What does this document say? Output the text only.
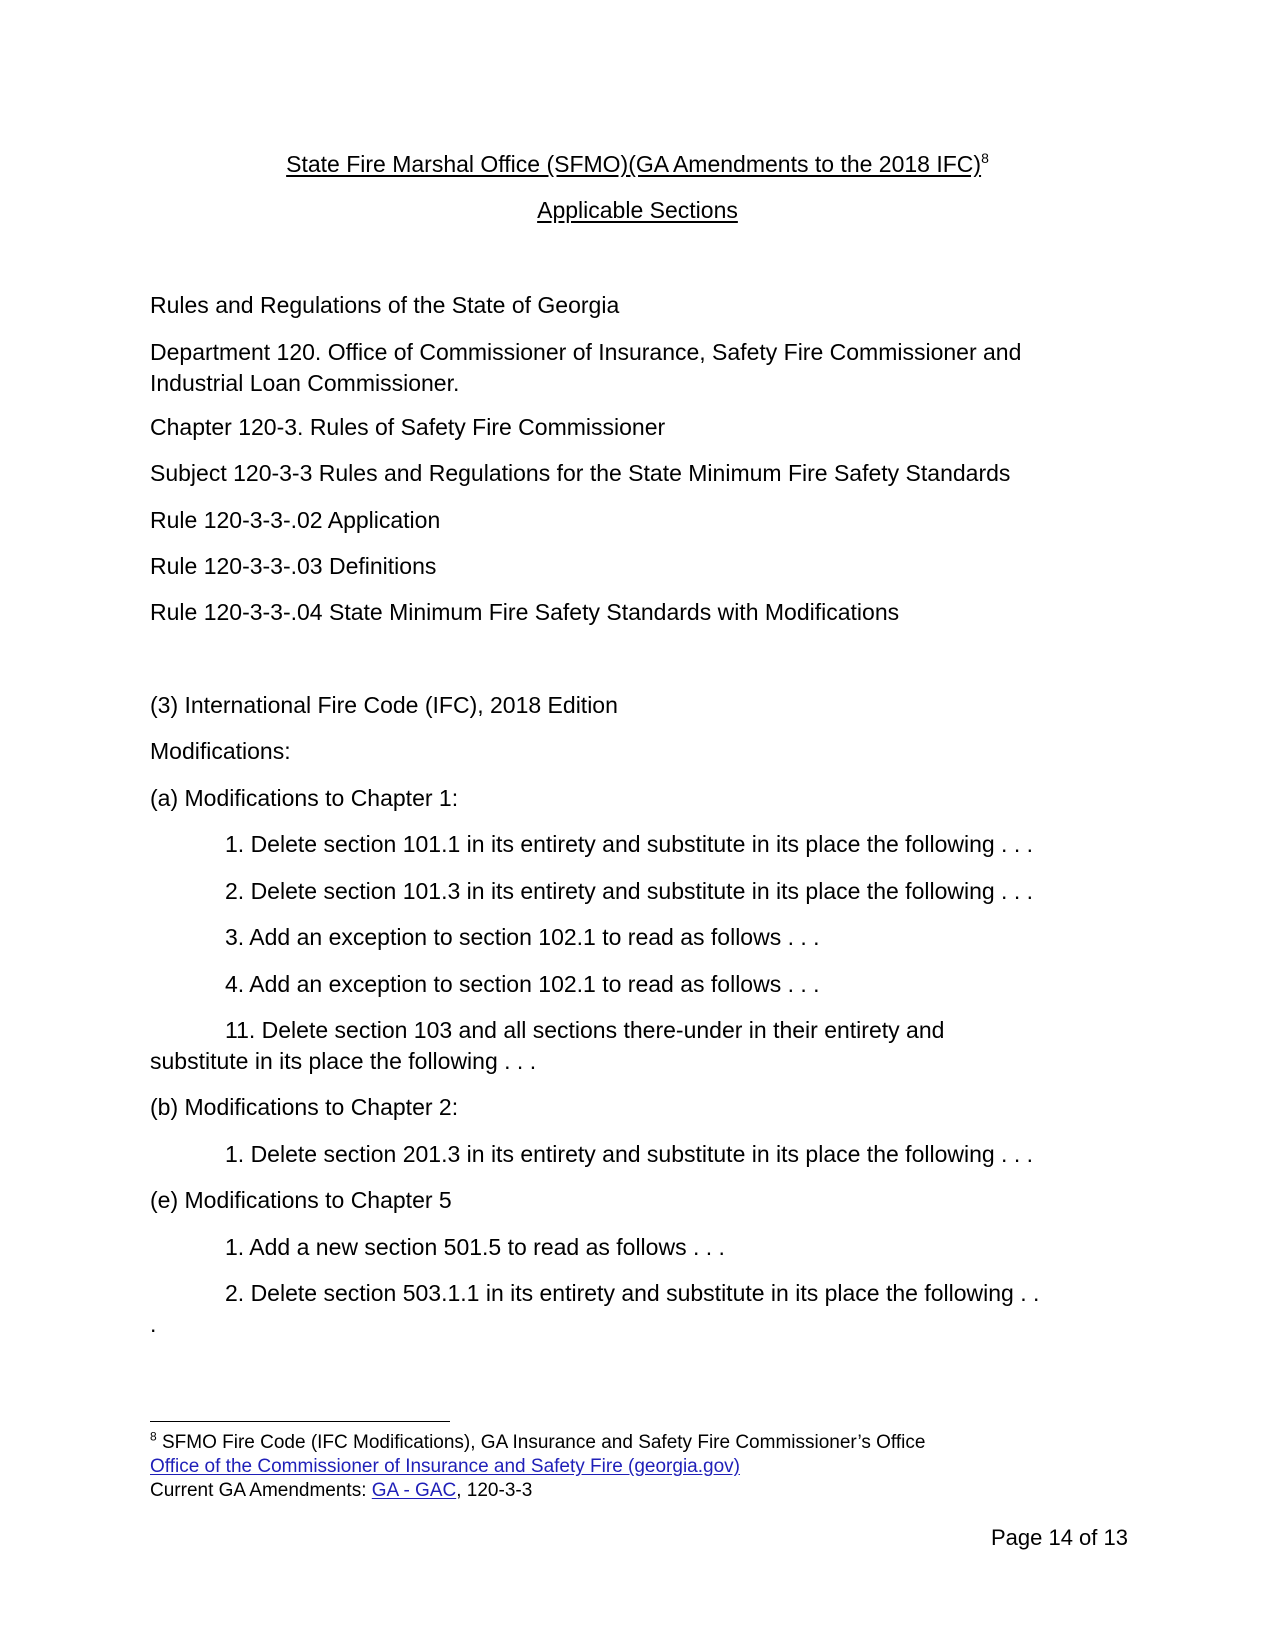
State Fire Marshal Office (SFMO)(GA Amendments to the 2018 IFC)$^8$
Applicable Sections
Rules and Regulations of the State of Georgia
Department 120. Office of Commissioner of Insurance, Safety Fire Commissioner and Industrial Loan Commissioner.
Chapter 120-3. Rules of Safety Fire Commissioner
Subject 120-3-3 Rules and Regulations for the State Minimum Fire Safety Standards
Rule 120-3-3-.02 Application
Rule 120-3-3-.03 Definitions
Rule 120-3-3-.04 State Minimum Fire Safety Standards with Modifications
(3) International Fire Code (IFC), 2018 Edition
Modifications:
(a) Modifications to Chapter 1:
1. Delete section 101.1 in its entirety and substitute in its place the following . . .
2. Delete section 101.3 in its entirety and substitute in its place the following . . .
3. Add an exception to section 102.1 to read as follows . . .
4. Add an exception to section 102.1 to read as follows . . .
11. Delete section 103 and all sections there-under in their entirety and
substitute in its place the following . . .
(b) Modifications to Chapter 2:
1. Delete section 201.3 in its entirety and substitute in its place the following . . .
(e) Modifications to Chapter 5
1. Add a new section 501.5 to read as follows . . .
2. Delete section 503.1.1 in its entirety and substitute in its place the following . .
.
$^8$ SFMO Fire Code (IFC Modifications), GA Insurance and Safety Fire Commissioner’s Office
Office of the Commissioner of Insurance and Safety Fire (georgia.gov)
Current GA Amendments: GA - GAC, 120-3-3
Page 14 of 13
